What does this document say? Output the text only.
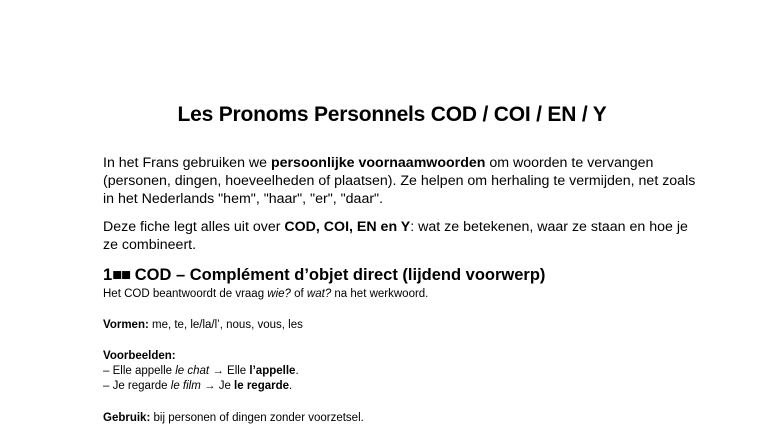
Les Pronoms Personnels COD / COI / EN / Y
In het Frans gebruiken we persoonlijke voornaamwoorden om woorden te vervangen (personen, dingen, hoeveelheden of plaatsen). Ze helpen om herhaling te vermijden, net zoals in het Nederlands "hem", "haar", "er", "daar".
Deze fiche legt alles uit over COD, COI, EN en Y: wat ze betekenen, waar ze staan en hoe je ze combineert.
1■■ COD – Complément d’objet direct (lijdend voorwerp)
Het COD beantwoordt de vraag wie? of wat? na het werkwoord.
Vormen: me, te, le/la/l’, nous, vous, les
Voorbeelden:
– Elle appelle le chat → Elle l’appelle.
– Je regarde le film → Je le regarde.
Gebruik: bij personen of dingen zonder voorzetsel.
